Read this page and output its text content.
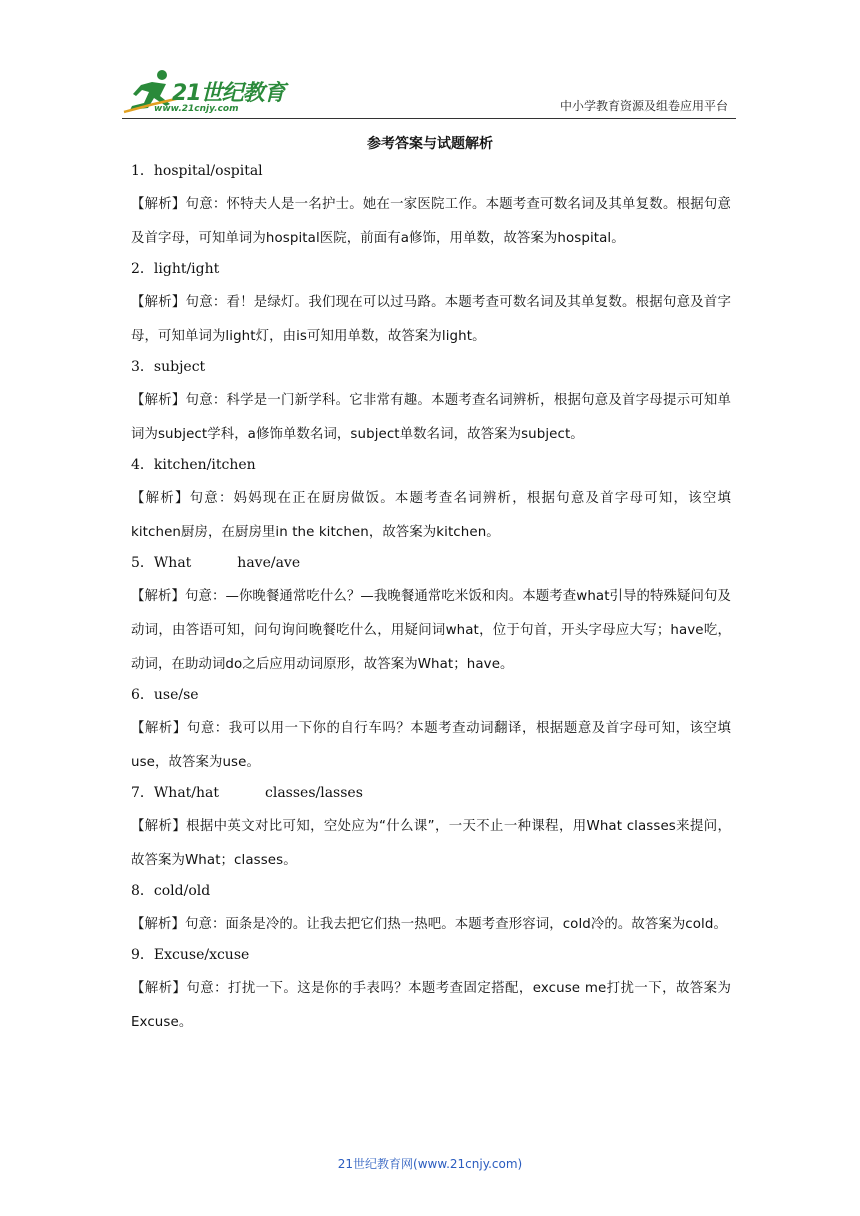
21世纪教育
www.21cnjy.com	中小学教育资源及组卷应用平台
参考答案与试题解析

1．hospital/ospital

【解析】句意：怀特夫人是一名护士。她在一家医院工作。本题考查可数名词及其单复数。根据句意及首字母，可知单词为hospital医院，前面有a修饰，用单数，故答案为hospital。

2．light/ight

【解析】句意：看！是绿灯。我们现在可以过马路。本题考查可数名词及其单复数。根据句意及首字母，可知单词为light灯，由is可知用单数，故答案为light。

3．subject

【解析】句意：科学是一门新学科。它非常有趣。本题考查名词辨析，根据句意及首字母提示可知单词为subject学科，a修饰单数名词，subject单数名词，故答案为subject。

4．kitchen/itchen

【解析】句意：妈妈现在正在厨房做饭。本题考查名词辨析，根据句意及首字母可知，该空填kitchen厨房，在厨房里in the kitchen，故答案为kitchen。

5．What	have/ave

【解析】句意：—你晚餐通常吃什么？—我晚餐通常吃米饭和肉。本题考查what引导的特殊疑问句及动词，由答语可知，问句询问晚餐吃什么，用疑问词what，位于句首，开头字母应大写；have吃，动词，在助动词do之后应用动词原形，故答案为What；have。

6．use/se

【解析】句意：我可以用一下你的自行车吗？本题考查动词翻译，根据题意及首字母可知，该空填use，故答案为use。

7．What/hat	classes/lasses

【解析】根据中英文对比可知，空处应为“什么课”，一天不止一种课程，用What classes来提问，故答案为What；classes。

8．cold/old

【解析】句意：面条是冷的。让我去把它们热一热吧。本题考查形容词，cold冷的。故答案为cold。

9．Excuse/xcuse

【解析】句意：打扰一下。这是你的手表吗？本题考查固定搭配，excuse me打扰一下，故答案为Excuse。

21世纪教育网(www.21cnjy.com)
